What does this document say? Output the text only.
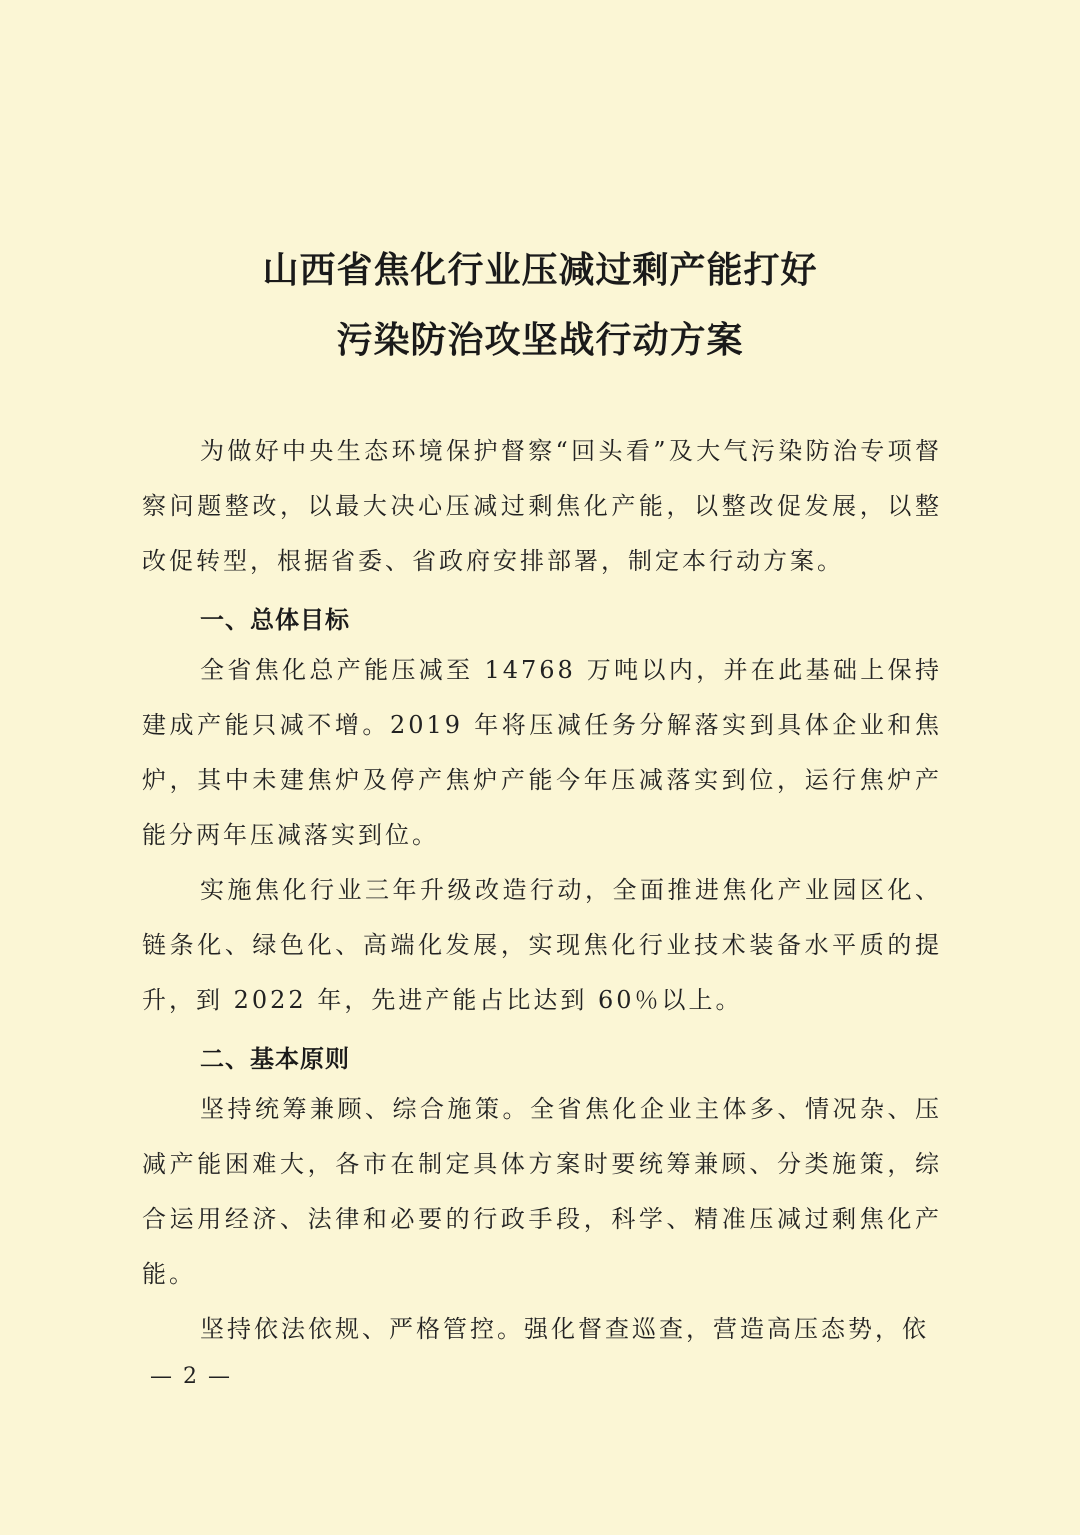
山西省焦化行业压减过剩产能打好
污染防治攻坚战行动方案

为做好中央生态环境保护督察“回头看”及大气污染防治专项督察问题整改，以最大决心压减过剩焦化产能，以整改促发展，以整改促转型，根据省委、省政府安排部署，制定本行动方案。

一、总体目标

全省焦化总产能压减至 14768 万吨以内，并在此基础上保持建成产能只减不增。2019 年将压减任务分解落实到具体企业和焦炉，其中未建焦炉及停产焦炉产能今年压减落实到位，运行焦炉产能分两年压减落实到位。

实施焦化行业三年升级改造行动，全面推进焦化产业园区化、链条化、绿色化、高端化发展，实现焦化行业技术装备水平质的提升，到 2022 年，先进产能占比达到 60％以上。

二、基本原则

坚持统筹兼顾、综合施策。全省焦化企业主体多、情况杂、压减产能困难大，各市在制定具体方案时要统筹兼顾、分类施策，综合运用经济、法律和必要的行政手段，科学、精准压减过剩焦化产能。

坚持依法依规、严格管控。强化督查巡查，营造高压态势，依

— 2 —
